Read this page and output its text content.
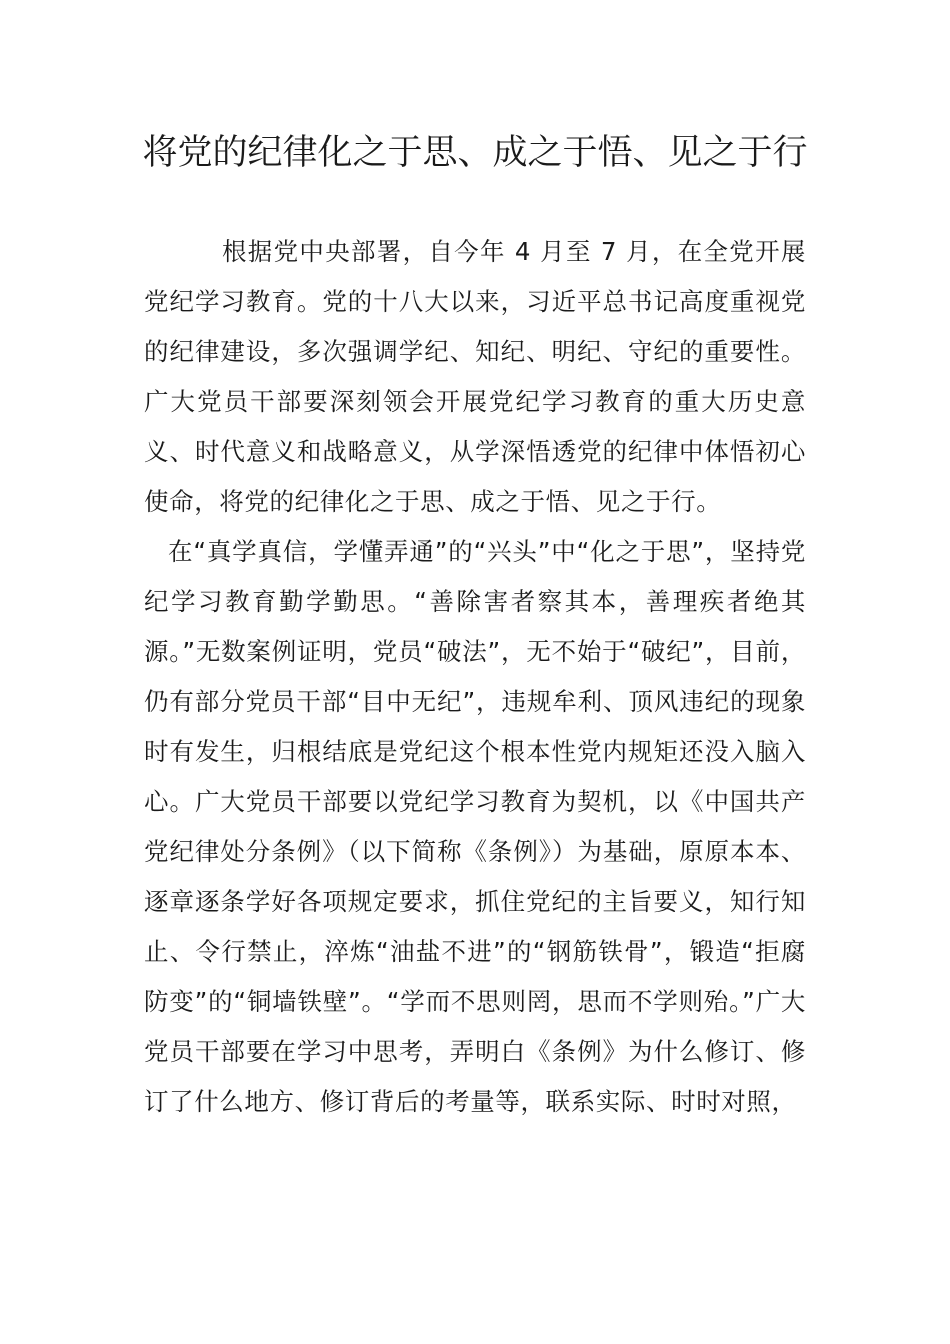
将党的纪律化之于思、成之于悟、见之于行

根据党中央部署，自今年 4 月至 7 月，在全党开展党纪学习教育。党的十八大以来，习近平总书记高度重视党的纪律建设，多次强调学纪、知纪、明纪、守纪的重要性。广大党员干部要深刻领会开展党纪学习教育的重大历史意义、时代意义和战略意义，从学深悟透党的纪律中体悟初心使命，将党的纪律化之于思、成之于悟、见之于行。

在“真学真信，学懂弄通”的“兴头”中“化之于思”，坚持党纪学习教育勤学勤思。“善除害者察其本，善理疾者绝其源。”无数案例证明，党员“破法”，无不始于“破纪”，目前，仍有部分党员干部“目中无纪”，违规牟利、顶风违纪的现象时有发生，归根结底是党纪这个根本性党内规矩还没入脑入心。广大党员干部要以党纪学习教育为契机，以《中国共产党纪律处分条例》（以下简称《条例》）为基础，原原本本、逐章逐条学好各项规定要求，抓住党纪的主旨要义，知行知止、令行禁止，淬炼“油盐不进”的“钢筋铁骨”，锻造“拒腐防变”的“铜墙铁壁”。“学而不思则罔，思而不学则殆。”广大党员干部要在学习中思考，弄明白《条例》为什么修订、修订了什么地方、修订背后的考量等，联系实际、时时对照，
